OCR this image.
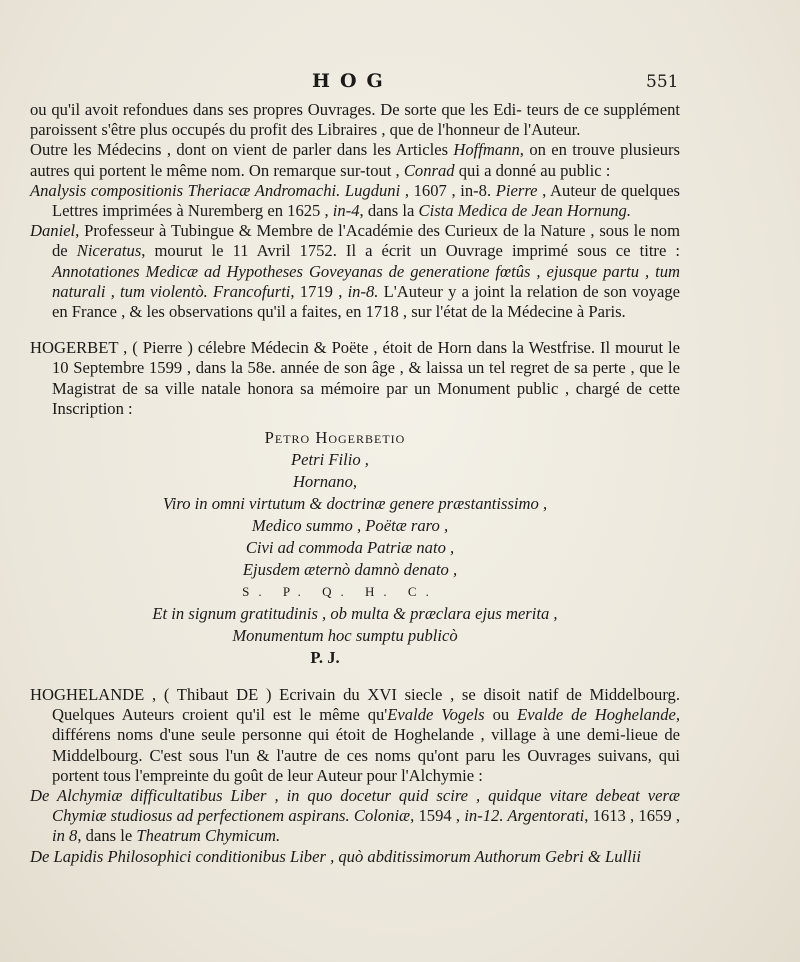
HOG	551

ou qu'il avoit refondues dans ses propres Ouvrages. De sorte que les Edi- teurs de ce supplément paroissent s'être plus occupés du profit des Libraires , que de l'honneur de l'Auteur.

Outre les Médecins , dont on vient de parler dans les Articles Hoffmann, on en trouve plusieurs autres qui portent le même nom. On remarque sur-tout , Conrad qui a donné au public :

Analysis compositionis Theriacæ Andromachi. Lugduni , 1607 , in-8. Pierre , Auteur de quelques Lettres imprimées à Nuremberg en 1625 , in-4, dans la Cista Medica de Jean Hornung.

Daniel, Professeur à Tubingue & Membre de l'Académie des Curieux de la Nature , sous le nom de Niceratus, mourut le 11 Avril 1752. Il a écrit un Ouvrage imprimé sous ce titre : Annotationes Medicæ ad Hypotheses Goveyanas de generatione fœtûs , ejusque partu , tum naturali , tum violentò. Francofurti, 1719 , in-8. L'Auteur y a joint la relation de son voyage en France , & les observations qu'il a faites, en 1718 , sur l'état de la Médecine à Paris.

HOGERBET , ( Pierre ) célebre Médecin & Poëte , étoit de Horn dans la Westfrise. Il mourut le 10 Septembre 1599 , dans la 58e. année de son âge , & laissa un tel regret de sa perte , que le Magistrat de sa ville natale honora sa mémoire par un Monument public , chargé de cette Inscription :

Petro Hogerbetio
Petri Filio ,
Hornano,
Viro in omni virtutum & doctrinæ genere præstantissimo ,
Medico summo , Poëtæ raro ,
Civi ad commoda Patriæ nato ,
Ejusdem æternò damnò denato ,
S. P. Q. H. C.
Et in signum gratitudinis , ob multa & præclara ejus merita ,
Monumentum hoc sumptu publicò
P. J.

HOGHELANDE , ( Thibaut DE ) Ecrivain du XVI siecle , se disoit natif de Middelbourg. Quelques Auteurs croient qu'il est le même qu'Evalde Vogels ou Evalde de Hoghelande, différens noms d'une seule personne qui étoit de Hoghelande , village à une demi-lieue de Middelbourg. C'est sous l'un & l'autre de ces noms qu'ont paru les Ouvrages suivans, qui portent tous l'empreinte du goût de leur Auteur pour l'Alchymie :

De Alchymiæ difficultatibus Liber , in quo docetur quid scire , quidque vitare debeat veræ Chymiæ studiosus ad perfectionem aspirans. Coloniæ, 1594 , in-12. Argentorati, 1613 , 1659 , in 8, dans le Theatrum Chymicum.

De Lapidis Philosophici conditionibus Liber , quò abditissimorum Authorum Gebri & Lullii
